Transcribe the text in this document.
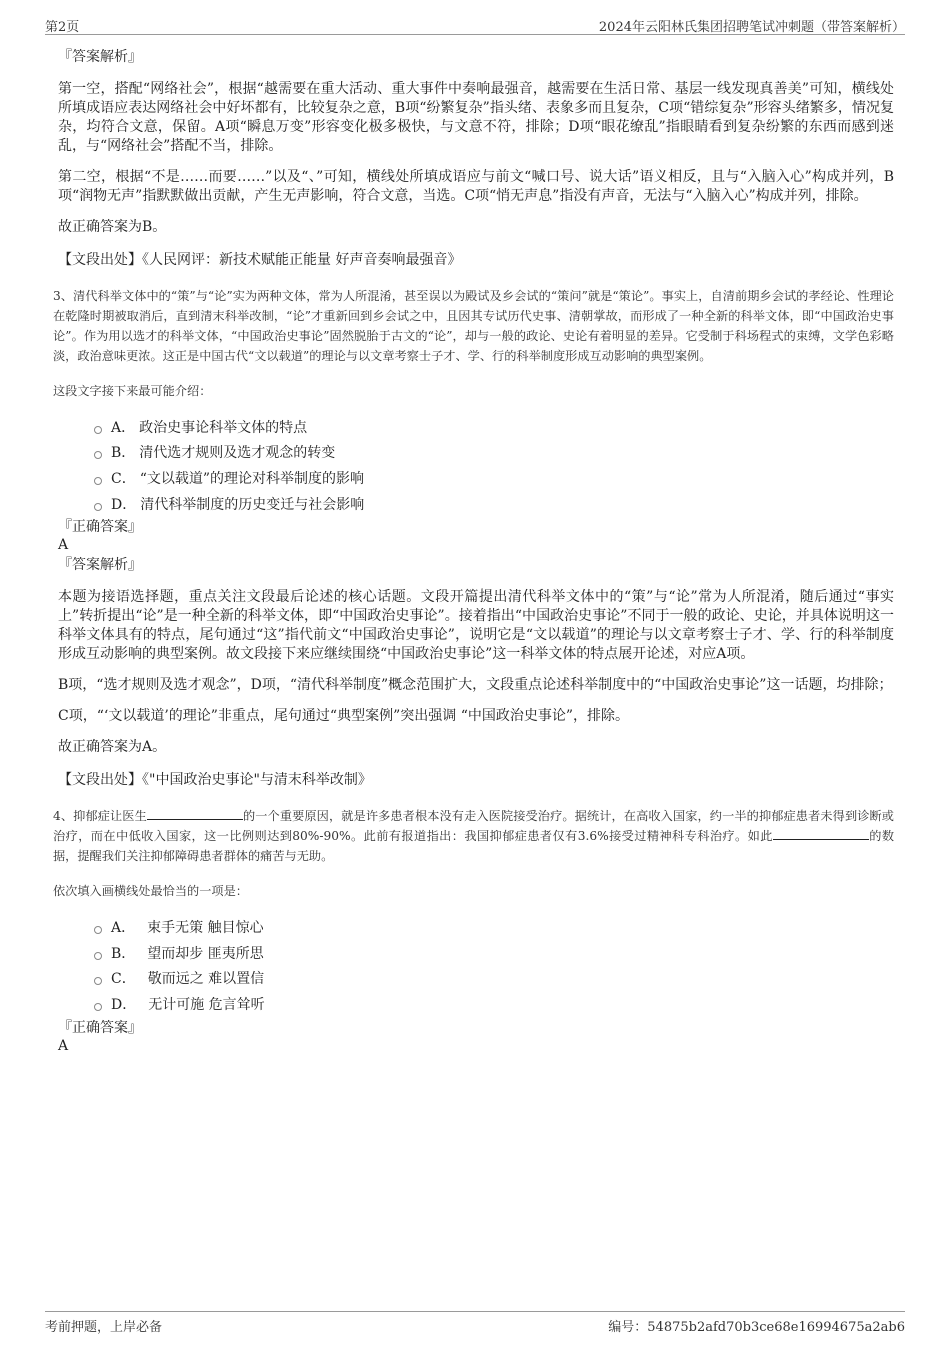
第2页	2024年云阳林氏集团招聘笔试冲刺题（带答案解析）
『答案解析』
第一空，搭配“网络社会”，根据“越需要在重大活动、重大事件中奏响最强音，越需要在生活日常、基层一线发现真善美”可知，横线处所填成语应表达网络社会中好坏都有，比较复杂之意，B项“纷繁复杂”指头绪、表象多而且复杂，C项“错综复杂”形容头绪繁多，情况复杂，均符合文意，保留。A项“瞬息万变”形容变化极多极快，与文意不符，排除；D项“眼花缭乱”指眼睛看到复杂纷繁的东西而感到迷乱，与“网络社会”搭配不当，排除。
第二空，根据“不是……而要……”以及“、”可知，横线处所填成语应与前文“喊口号、说大话”语义相反，且与“入脑入心”构成并列，B项“润物无声”指默默做出贡献，产生无声影响，符合文意，当选。C项“悄无声息”指没有声音，无法与“入脑入心”构成并列，排除。
故正确答案为B。
【文段出处】《人民网评：新技术赋能正能量 好声音奏响最强音》
3、清代科举文体中的“策”与“论”实为两种文体，常为人所混淆，甚至误以为殿试及乡会试的“策问”就是“策论”。事实上，自清前期乡会试的孝经论、性理论在乾隆时期被取消后，直到清末科举改制，“论”才重新回到乡会试之中，且因其专试历代史事、清朝掌故，而形成了一种全新的科举文体，即“中国政治史事论”。作为用以选才的科举文体，“中国政治史事论”固然脱胎于古文的“论”，却与一般的政论、史论有着明显的差异。它受制于科场程式的束缚，文学色彩略淡，政治意味更浓。这正是中国古代“文以载道”的理论与以文章考察士子才、学、行的科举制度形成互动影响的典型案例。
这段文字接下来最可能介绍：
A． 政治史事论科举文体的特点
B． 清代选才规则及选才观念的转变
C． “文以载道”的理论对科举制度的影响
D． 清代科举制度的历史变迁与社会影响
『正确答案』
A
『答案解析』
本题为接语选择题，重点关注文段最后论述的核心话题。文段开篇提出清代科举文体中的“策”与“论”常为人所混淆，随后通过“事实上”转折提出“论”是一种全新的科举文体，即“中国政治史事论”。接着指出“中国政治史事论”不同于一般的政论、史论，并具体说明这一科举文体具有的特点，尾句通过“这”指代前文“中国政治史事论”，说明它是“文以载道”的理论与以文章考察士子才、学、行的科举制度形成互动影响的典型案例。故文段接下来应继续围绕“中国政治史事论”这一科举文体的特点展开论述，对应A项。
B项，“选才规则及选才观念”，D项，“清代科举制度”概念范围扩大，文段重点论述科举制度中的“中国政治史事论”这一话题，均排除；
C项，“‘文以载道’的理论”非重点，尾句通过“典型案例”突出强调 “中国政治史事论”，排除。
故正确答案为A。
【文段出处】《"中国政治史事论"与清末科举改制》
4、抑郁症让医生	的一个重要原因，就是许多患者根本没有走入医院接受治疗。据统计，在高收入国家，约一半的抑郁症患者未得到诊断或治疗，而在中低收入国家，这一比例则达到80%-90%。此前有报道指出：我国抑郁症患者仅有3.6%接受过精神科专科治疗。如此	的数据，提醒我们关注抑郁障碍患者群体的痛苦与无助。
依次填入画横线处最恰当的一项是：
A． 束手无策 触目惊心
B． 望而却步 匪夷所思
C． 敬而远之 难以置信
D． 无计可施 危言耸听
『正确答案』
A
考前押题，上岸必备	编号：54875b2afd70b3ce68e16994675a2ab6
